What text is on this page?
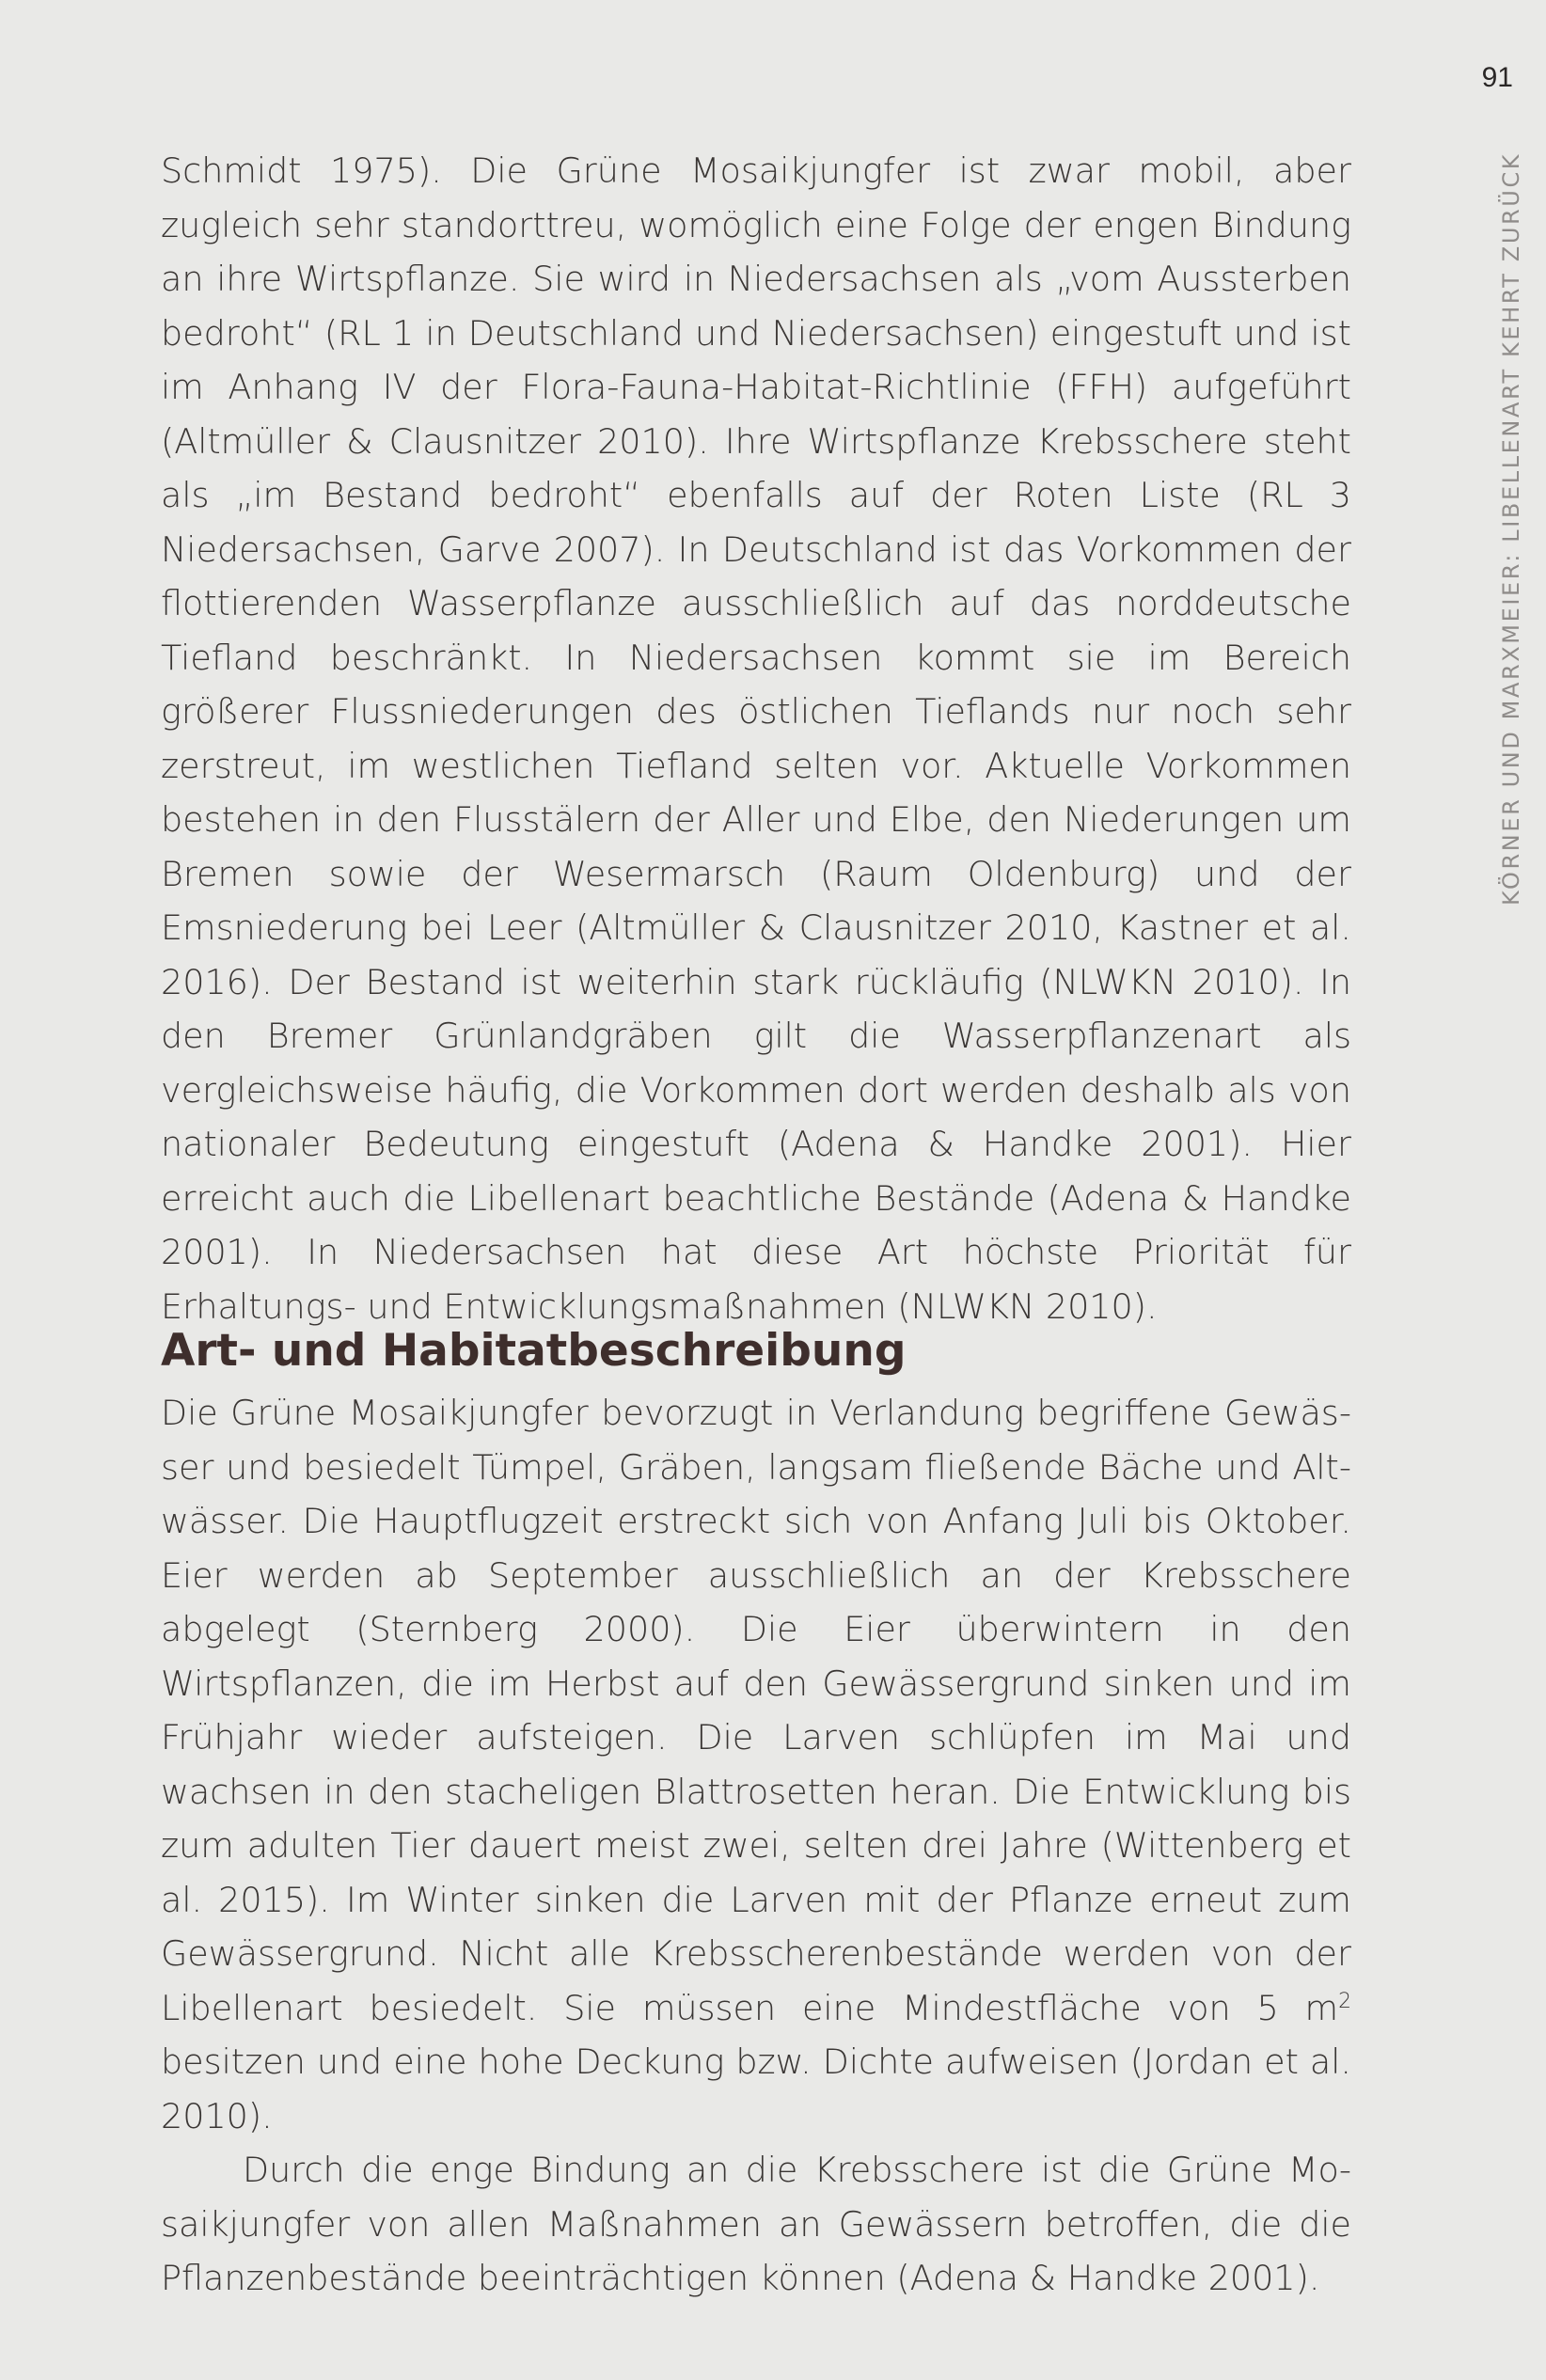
91
KÖRNER UND MARXMEIER: LIBELLENART KEHRT ZURÜCK

Schmidt 1975). Die Grüne Mosaikjungfer ist zwar mobil, aber zugleich sehr standorttreu, womöglich eine Folge der engen Bindung an ihre Wirtspflanze. Sie wird in Niedersachsen als „vom Aussterben bedroht“ (RL 1 in Deutschland und Niedersachsen) eingestuft und ist im Anhang IV der Flora-Fauna-Habitat-Richtlinie (FFH) aufgeführt (Altmüller & Clausnitzer 2010). Ihre Wirtspflanze Krebsschere steht als „im Bestand bedroht“ ebenfalls auf der Roten Liste (RL 3 Niedersachsen, Garve 2007). In Deutschland ist das Vorkommen der flottierenden Wasserpflanze ausschließlich auf das norddeutsche Tiefland beschränkt. In Niedersachsen kommt sie im Bereich größerer Flussniederungen des östlichen Tieflands nur noch sehr zerstreut, im westlichen Tiefland selten vor. Aktuelle Vorkommen bestehen in den Flusstälern der Aller und Elbe, den Niederungen um Bremen sowie der Wesermarsch (Raum Oldenburg) und der Emsniederung bei Leer (Altmüller & Clausnitzer 2010, Kastner et al. 2016). Der Bestand ist weiterhin stark rückläufig (NLWKN 2010). In den Bremer Grünlandgräben gilt die Wasserpflanzenart als vergleichsweise häufig, die Vorkommen dort werden deshalb als von nationaler Bedeutung eingestuft (Adena & Handke 2001). Hier erreicht auch die Libellenart beachtliche Bestände (Adena & Handke 2001). In Niedersachsen hat diese Art höchste Priorität für Erhaltungs- und Entwicklungsmaßnahmen (NLWKN 2010).

Art- und Habitatbeschreibung

Die Grüne Mosaikjungfer bevorzugt in Verlandung begriffene Gewässer und besiedelt Tümpel, Gräben, langsam fließende Bäche und Altwässer. Die Hauptflugzeit erstreckt sich von Anfang Juli bis Oktober. Eier werden ab September ausschließlich an der Krebsschere abgelegt (Sternberg 2000). Die Eier überwintern in den Wirtspflanzen, die im Herbst auf den Gewässergrund sinken und im Frühjahr wieder aufsteigen. Die Larven schlüpfen im Mai und wachsen in den stacheligen Blattrosetten heran. Die Entwicklung bis zum adulten Tier dauert meist zwei, selten drei Jahre (Wittenberg et al. 2015). Im Winter sinken die Larven mit der Pflanze erneut zum Gewässergrund. Nicht alle Krebsscherenbestände werden von der Libellenart besiedelt. Sie müssen eine Mindestfläche von 5 $m^2$ besitzen und eine hohe Deckung bzw. Dichte aufweisen (Jordan et al. 2010).

Durch die enge Bindung an die Krebsschere ist die Grüne Mosaikjungfer von allen Maßnahmen an Gewässern betroffen, die die Pflanzenbestände beeinträchtigen können (Adena & Handke 2001).
